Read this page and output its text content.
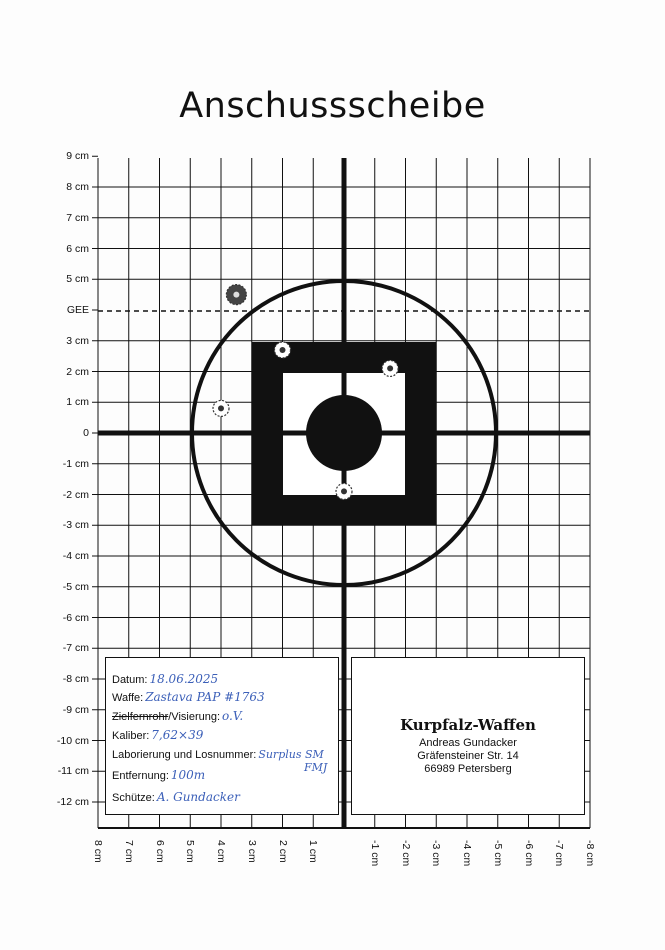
Anschussscheibe
9 cm
8 cm
7 cm
6 cm
5 cm
GEE
3 cm
2 cm
1 cm
0
-1 cm
-2 cm
-3 cm
-4 cm
-5 cm
-6 cm
-7 cm
-8 cm
-9 cm
-10 cm
-11 cm
-12 cm
8 cm 7 cm 6 cm 5 cm 4 cm 3 cm 2 cm 1 cm	-1 cm -2 cm -3 cm -4 cm -5 cm -6 cm -7 cm -8 cm
Datum: 18.06.2025
Waffe: Zastava PAP #1763
Zielfernrohr/Visierung: o.V.
Kaliber: 7,62×39
Laborierung und Losnummer: Surplus SM
FMJ
Entfernung: 100m
Schütze: A. Gundacker
Kurpfalz-Waffen
Andreas Gundacker
Gräfensteiner Str. 14
66989 Petersberg
